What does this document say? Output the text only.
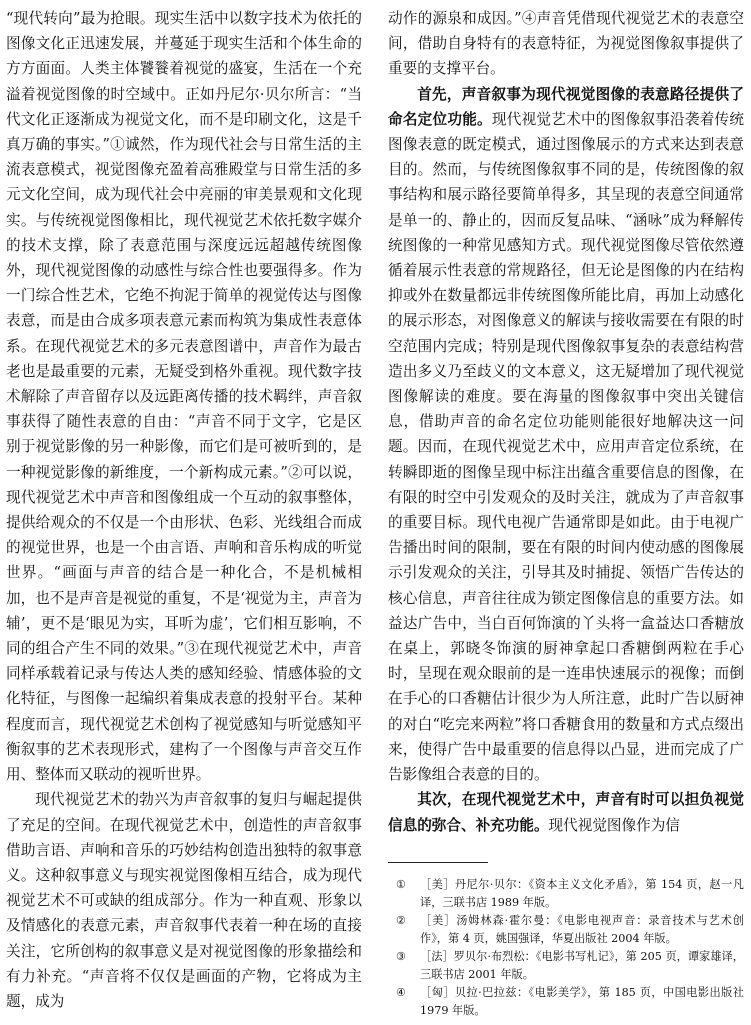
“现代转向”最为抢眼。现实生活中以数字技术为依托的图像文化正迅速发展，并蔓延于现实生活和个体生命的方方面面。人类主体饕餮着视觉的盛宴，生活在一个充溢着视觉图像的时空域中。正如丹尼尔·贝尔所言：“当代文化正逐渐成为视觉文化，而不是印刷文化，这是千真万确的事实。”①诚然，作为现代社会与日常生活的主流表意模式，视觉图像充盈着高雅殿堂与日常生活的多元文化空间，成为现代社会中亮丽的审美景观和文化现实。与传统视觉图像相比，现代视觉艺术依托数字媒介的技术支撑，除了表意范围与深度远远超越传统图像外，现代视觉图像的动感性与综合性也要强得多。作为一门综合性艺术，它绝不拘泥于简单的视觉传达与图像表意，而是由合成多项表意元素而构筑为集成性表意体系。在现代视觉艺术的多元表意图谱中，声音作为最古老也是最重要的元素，无疑受到格外重视。现代数字技术解除了声音留存以及远距离传播的技术羁绊，声音叙事获得了随性表意的自由：“声音不同于文字，它是区别于视觉影像的另一种影像，而它们是可被听到的，是一种视觉影像的新维度，一个新构成元素。”②可以说，现代视觉艺术中声音和图像组成一个互动的叙事整体，提供给观众的不仅是一个由形状、色彩、光线组合而成的视觉世界，也是一个由言语、声响和音乐构成的听觉世界。“画面与声音的结合是一种化合，不是机械相加，也不是声音是视觉的重复，不是‘视觉为主，声音为辅’，更不是‘眼见为实，耳听为虚’，它们相互影响，不同的组合产生不同的效果。”③在现代视觉艺术中，声音同样承载着记录与传达人类的感知经验、情感体验的文化特征，与图像一起编织着集成表意的投射平台。某种程度而言，现代视觉艺术创构了视觉感知与听觉感知平衡叙事的艺术表现形式，建构了一个图像与声音交互作用、整体而又联动的视听世界。

现代视觉艺术的勃兴为声音叙事的复归与崛起提供了充足的空间。在现代视觉艺术中，创造性的声音叙事借助言语、声响和音乐的巧妙结构创造出独特的叙事意义。这种叙事意义与现实视觉图像相互结合，成为现代视觉艺术不可或缺的组成部分。作为一种直观、形象以及情感化的表意元素，声音叙事代表着一种在场的直接关注，它所创构的叙事意义是对视觉图像的形象描绘和有力补充。“声音将不仅仅是画面的产物，它将成为主题，成为

动作的源泉和成因。”④声音凭借现代视觉艺术的表意空间，借助自身特有的表意特征，为视觉图像叙事提供了重要的支撑平台。

首先，声音叙事为现代视觉图像的表意路径提供了命名定位功能。现代视觉艺术中的图像叙事沿袭着传统图像表意的既定模式，通过图像展示的方式来达到表意目的。然而，与传统图像叙事不同的是，传统图像的叙事结构和展示路径要简单得多，其呈现的表意空间通常是单一的、静止的，因而反复品味、“涵咏”成为释解传统图像的一种常见感知方式。现代视觉图像尽管依然遵循着展示性表意的常规路径，但无论是图像的内在结构抑或外在数量都远非传统图像所能比肩，再加上动感化的展示形态，对图像意义的解读与接收需要在有限的时空范围内完成；特别是现代图像叙事复杂的表意结构营造出多义乃至歧义的文本意义，这无疑增加了现代视觉图像解读的难度。要在海量的图像叙事中突出关键信息，借助声音的命名定位功能则能很好地解决这一问题。因而，在现代视觉艺术中，应用声音定位系统，在转瞬即逝的图像呈现中标注出蕴含重要信息的图像，在有限的时空中引发观众的及时关注，就成为了声音叙事的重要目标。现代电视广告通常即是如此。由于电视广告播出时间的限制，要在有限的时间内使动感的图像展示引发观众的关注，引导其及时捕捉、领悟广告传达的核心信息，声音往往成为锁定图像信息的重要方法。如益达广告中，当白百何饰演的丫头将一盒益达口香糖放在桌上，郭晓冬饰演的厨神拿起口香糖倒两粒在手心时，呈现在观众眼前的是一连串快速展示的视像；而倒在手心的口香糖估计很少为人所注意，此时广告以厨神的对白“吃完来两粒”将口香糖食用的数量和方式点缀出来，使得广告中最重要的信息得以凸显，进而完成了广告影像组合表意的目的。

其次，在现代视觉艺术中，声音有时可以担负视觉信息的弥合、补充功能。现代视觉图像作为信

①	［美］丹尼尔·贝尔：《资本主义文化矛盾》，第 154 页，赵一凡译，三联书店 1989 年版。
②	［美］汤姆林森·霍尔曼：《电影电视声音：录音技术与艺术创作》，第 4 页，姚国强译，华夏出版社 2004 年版。
③	［法］罗贝尔·布烈松：《电影书写札记》，第 205 页，谭家雄译，三联书店 2001 年版。
④	［匈］贝拉·巴拉兹：《电影美学》，第 185 页，中国电影出版社 1979 年版。
